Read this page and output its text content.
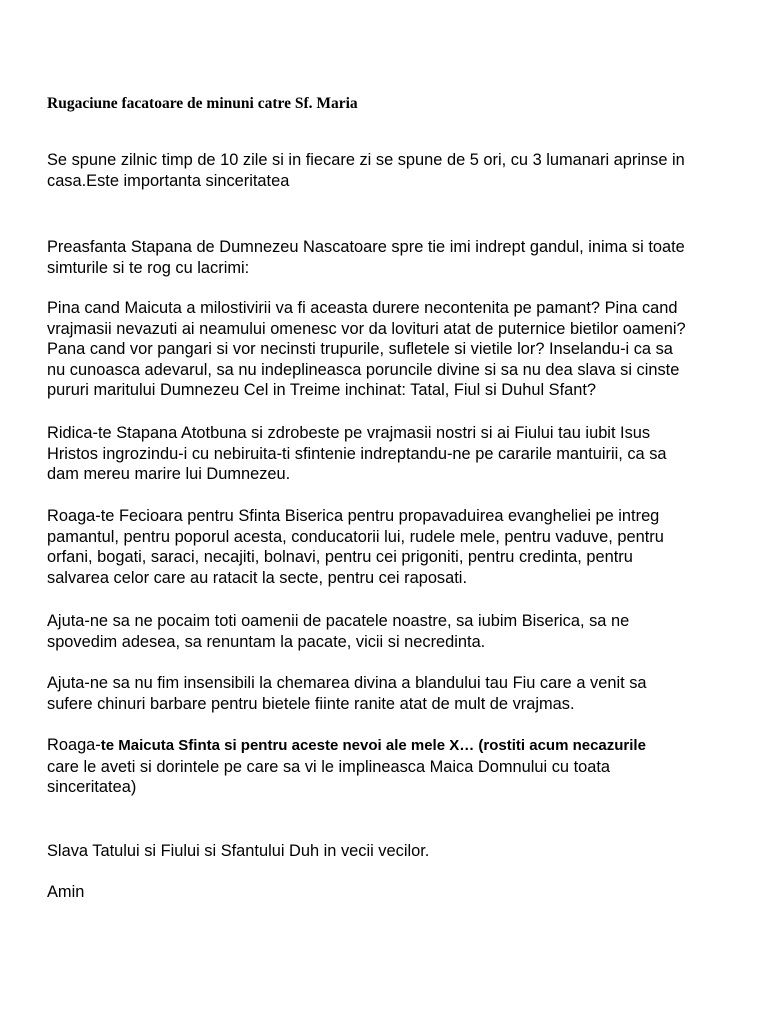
Rugaciune facatoare de minuni catre Sf. Maria

Se spune zilnic timp de 10 zile si in fiecare zi se spune de 5 ori, cu 3 lumanari aprinse in
casa.Este importanta sinceritatea

Preasfanta Stapana de Dumnezeu Nascatoare spre tie imi indrept gandul, inima si toate
simturile si te rog cu lacrimi:

Pina cand Maicuta a milostivirii va fi aceasta durere necontenita pe pamant? Pina cand
vrajmasii nevazuti ai neamului omenesc vor da lovituri atat de puternice bietilor oameni?
Pana cand vor pangari si vor necinsti trupurile, sufletele si vietile lor? Inselandu-i ca sa
nu cunoasca adevarul, sa nu indeplineasca poruncile divine si sa nu dea slava si cinste
pururi maritului Dumnezeu Cel in Treime inchinat: Tatal, Fiul si Duhul Sfant?

Ridica-te Stapana Atotbuna si zdrobeste pe vrajmasii nostri si ai Fiului tau iubit Isus
Hristos ingrozindu-i cu nebiruita-ti sfintenie indreptandu-ne pe cararile mantuirii, ca sa
dam mereu marire lui Dumnezeu.

Roaga-te Fecioara pentru Sfinta Biserica pentru propavaduirea evangheliei pe intreg
pamantul, pentru poporul acesta, conducatorii lui, rudele mele, pentru vaduve, pentru
orfani, bogati, saraci, necajiti, bolnavi, pentru cei prigoniti, pentru credinta, pentru
salvarea celor care au ratacit la secte, pentru cei raposati.

Ajuta-ne sa ne pocaim toti oamenii de pacatele noastre, sa iubim Biserica, sa ne
spovedim adesea, sa renuntam la pacate, vicii si necredinta.

Ajuta-ne sa nu fim insensibili la chemarea divina a blandului tau Fiu care a venit sa
sufere chinuri barbare pentru bietele fiinte ranite atat de mult de vrajmas.

Roaga-te Maicuta Sfinta si pentru aceste nevoi ale mele X… (rostiti acum necazurile
care le aveti si dorintele pe care sa vi le implineasca Maica Domnului cu toata
sinceritatea)

Slava Tatului si Fiului si Sfantului Duh in vecii vecilor.

Amin
